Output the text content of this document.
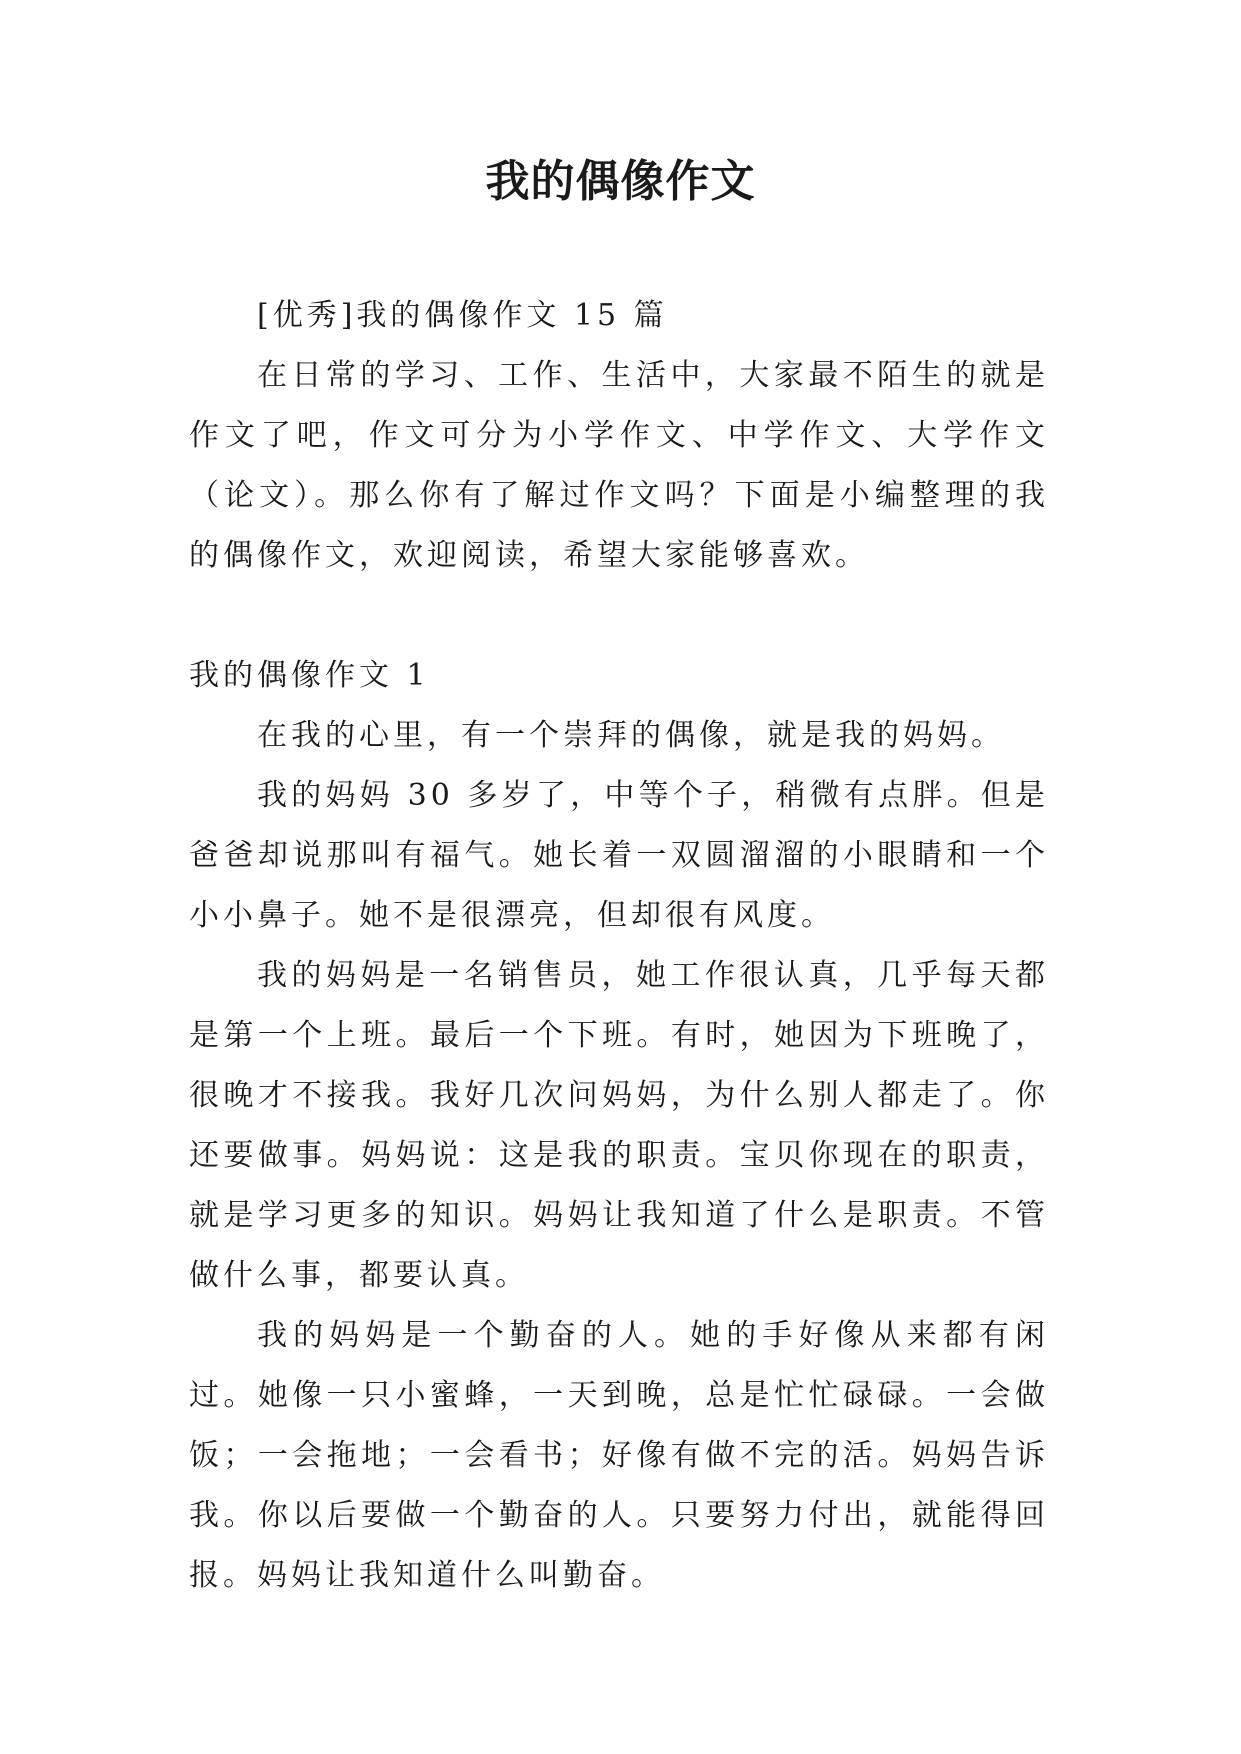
我的偶像作文

[优秀]我的偶像作文 15 篇

在日常的学习、工作、生活中，大家最不陌生的就是作文了吧，作文可分为小学作文、中学作文、大学作文（论文）。那么你有了解过作文吗？下面是小编整理的我的偶像作文，欢迎阅读，希望大家能够喜欢。

我的偶像作文 1

在我的心里，有一个崇拜的偶像，就是我的妈妈。

我的妈妈 30 多岁了，中等个子，稍微有点胖。但是爸爸却说那叫有福气。她长着一双圆溜溜的小眼睛和一个小小鼻子。她不是很漂亮，但却很有风度。

我的妈妈是一名销售员，她工作很认真，几乎每天都是第一个上班。最后一个下班。有时，她因为下班晚了，很晚才不接我。我好几次问妈妈，为什么别人都走了。你还要做事。妈妈说：这是我的职责。宝贝你现在的职责，就是学习更多的知识。妈妈让我知道了什么是职责。不管做什么事，都要认真。

我的妈妈是一个勤奋的人。她的手好像从来都有闲过。她像一只小蜜蜂，一天到晚，总是忙忙碌碌。一会做饭；一会拖地；一会看书；好像有做不完的活。妈妈告诉我。你以后要做一个勤奋的人。只要努力付出，就能得回报。妈妈让我知道什么叫勤奋。
